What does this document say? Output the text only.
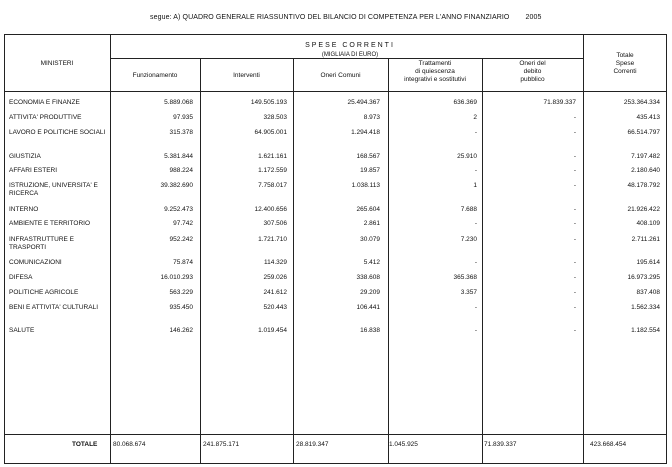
segue: A) QUADRO GENERALE RIASSUNTIVO DEL BILANCIO DI COMPETENZA PER L'ANNO FINANZIARIO 2005
MINISTERI
SPESE CORRENTI
(MIGLIAIA DI EURO)
Funzionamento	Interventi	Oneri Comuni
Trattamenti
di quiescenza
integrativi e sostitutivi
Oneri del
debito
pubblico
Totale
Spese
Correnti
ECONOMIA E FINANZE	5.889.068	149.505.193	25.494.367	636.369	71.839.337	253.364.334
ATTIVITA' PRODUTTIVE	97.935	328.503	8.973	2	-	435.413
LAVORO E POLITICHE SOCIALI	315.378	64.905.001	1.294.418	-	-	66.514.797
GIUSTIZIA	5.381.844	1.621.161	168.567	25.910	-	7.197.482
AFFARI ESTERI	988.224	1.172.559	19.857	-	-	2.180.640
ISTRUZIONE, UNIVERSITA' E RICERCA
39.382.690	7.758.017	1.038.113	1	-	48.178.792
INTERNO	9.252.473	12.400.656	265.604	7.688	-	21.926.422
AMBIENTE E TERRITORIO	97.742	307.506	2.861	-	-	408.109
INFRASTRUTTURE E TRASPORTI
952.242	1.721.710	30.079	7.230	-	2.711.261
COMUNICAZIONI	75.874	114.329	5.412	-	-	195.614
DIFESA	16.010.293	259.026	338.608	365.368	-	16.973.295
POLITICHE AGRICOLE	563.229	241.612	29.209	3.357	-	837.408
BENI E ATTIVITA' CULTURALI	935.450	520.443	106.441	-	-	1.562.334
SALUTE	146.262	1.019.454	16.838	-	-	1.182.554
TOTALE 80.068.674	241.875.171	28.819.347	1.045.925	71.839.337	423.668.454
